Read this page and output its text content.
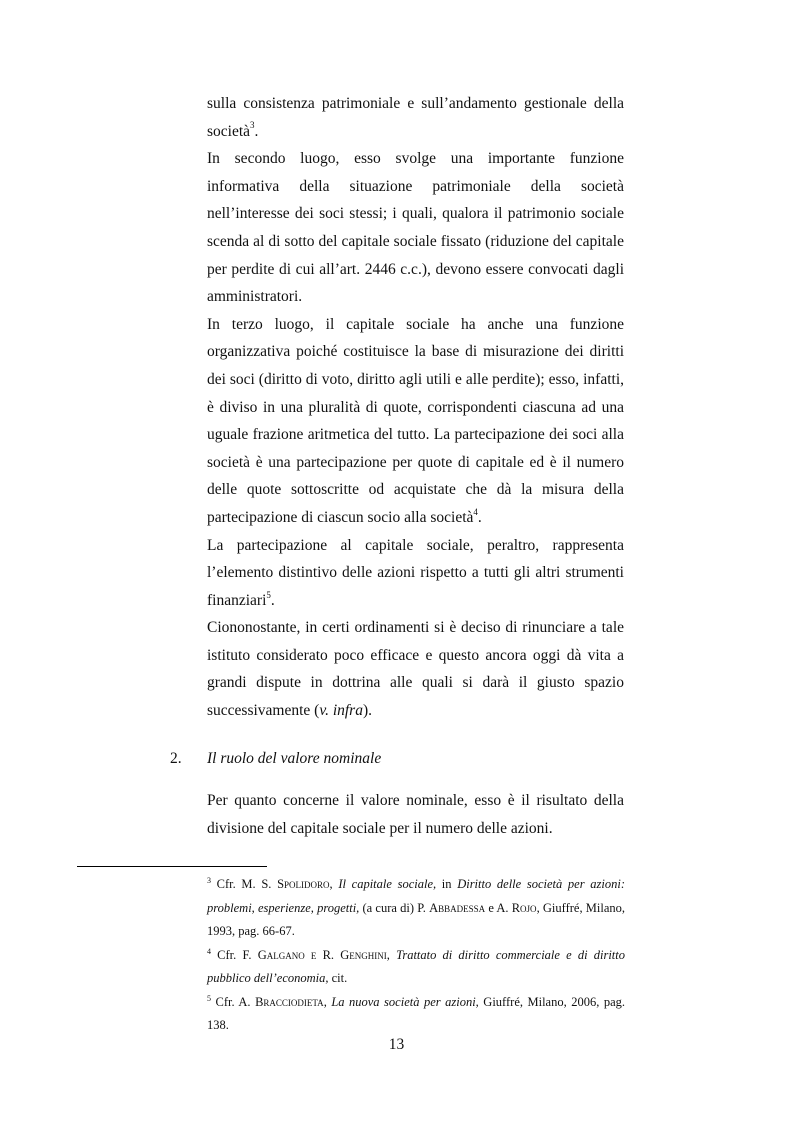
sulla consistenza patrimoniale e sull’andamento gestionale della società$^3$.

In secondo luogo, esso svolge una importante funzione informativa della situazione patrimoniale della società nell’interesse dei soci stessi; i quali, qualora il patrimonio sociale scenda al di sotto del capitale sociale fissato (riduzione del capitale per perdite di cui all’art. 2446 c.c.), devono essere convocati dagli amministratori.

In terzo luogo, il capitale sociale ha anche una funzione organizzativa poiché costituisce la base di misurazione dei diritti dei soci (diritto di voto, diritto agli utili e alle perdite); esso, infatti, è diviso in una pluralità di quote, corrispondenti ciascuna ad una uguale frazione aritmetica del tutto. La partecipazione dei soci alla società è una partecipazione per quote di capitale ed è il numero delle quote sottoscritte od acquistate che dà la misura della partecipazione di ciascun socio alla società$^4$.

La partecipazione al capitale sociale, peraltro, rappresenta l’elemento distintivo delle azioni rispetto a tutti gli altri strumenti finanziari$^5$.

Ciononostante, in certi ordinamenti si è deciso di rinunciare a tale istituto considerato poco efficace e questo ancora oggi dà vita a grandi dispute in dottrina alle quali si darà il giusto spazio successivamente (v. infra).

2. Il ruolo del valore nominale

Per quanto concerne il valore nominale, esso è il risultato della divisione del capitale sociale per il numero delle azioni.

$^3$ Cfr. M. S. Spolidoro, Il capitale sociale, in Diritto delle società per azioni: problemi, esperienze, progetti, (a cura di) P. Abbadessa e A. Rojo, Giuffré, Milano, 1993, pag. 66-67.

$^4$ Cfr. F. Galgano e R. Genghini, Trattato di diritto commerciale e di diritto pubblico dell’economia, cit.

$^5$ Cfr. A. Bracciodieta, La nuova società per azioni, Giuffré, Milano, 2006, pag. 138.

13
